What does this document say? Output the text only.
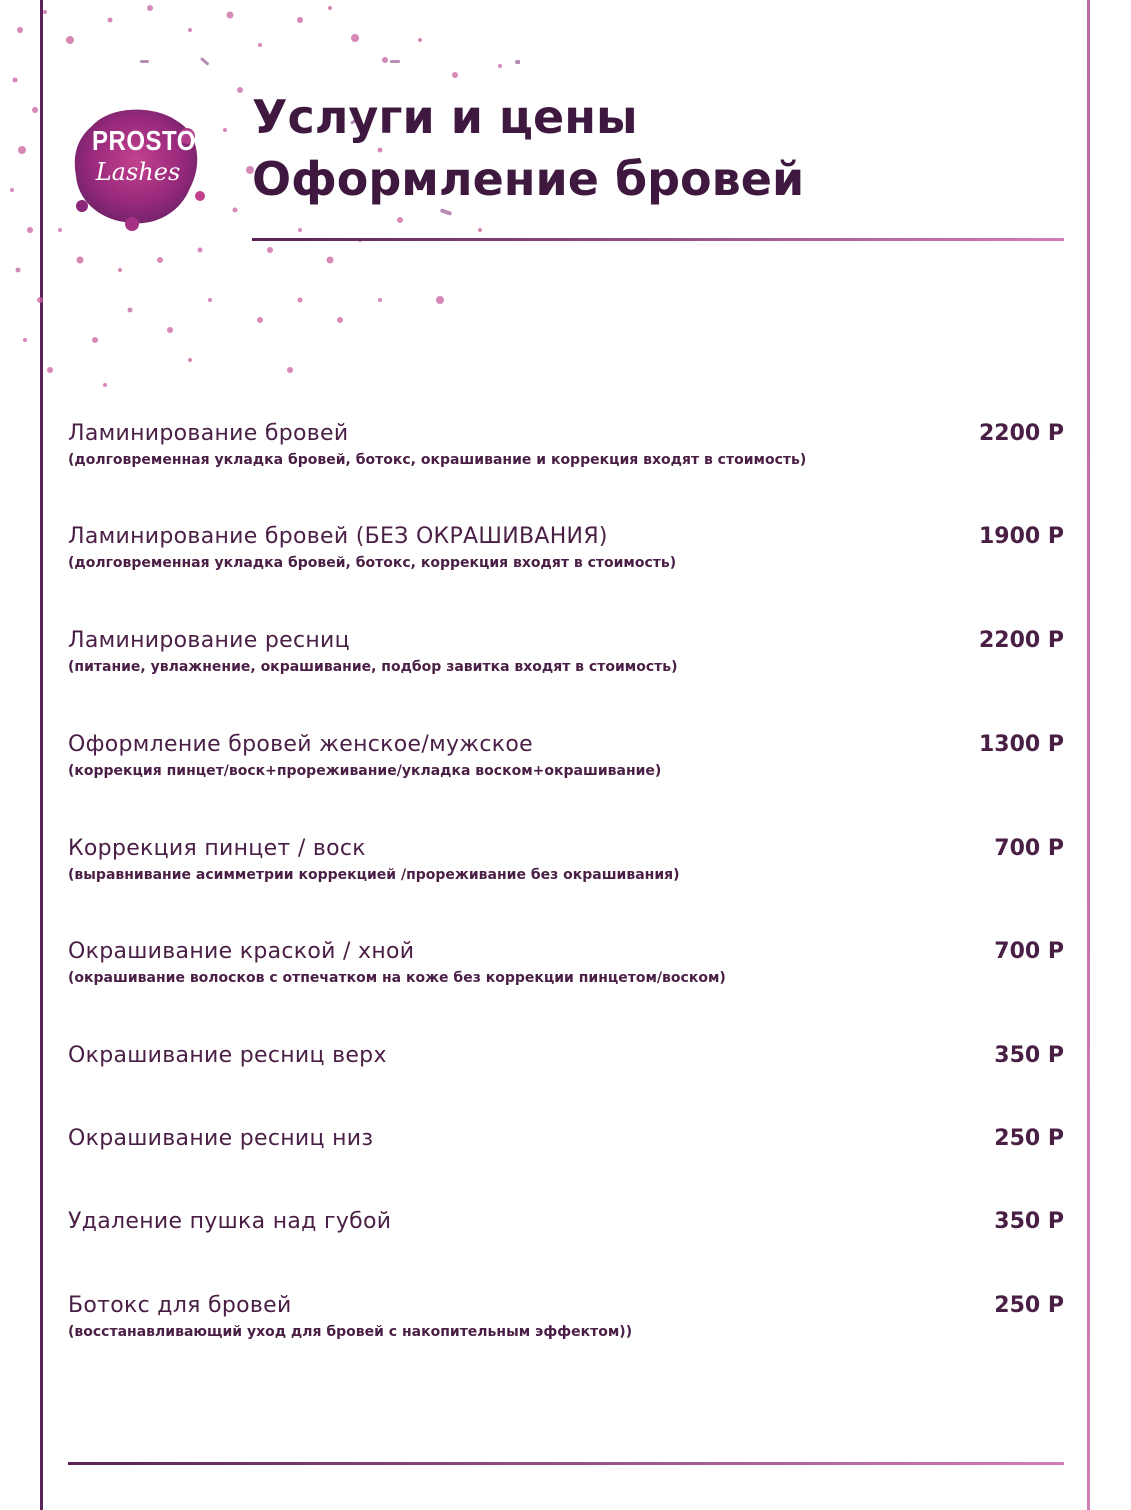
PROSTO
Lashes
Услуги и цены
Оформление бровей
Ламинирование бровей
(долговременная укладка бровей, ботокс, окрашивание и коррекция входят в стоимость)
2200 Р
Ламинирование бровей (БЕЗ ОКРАШИВАНИЯ)
(долговременная укладка бровей, ботокс, коррекция входят в стоимость)
1900 Р
Ламинирование ресниц
(питание, увлажнение, окрашивание, подбор завитка входят в стоимость)
2200 Р
Оформление бровей женское/мужское
(коррекция пинцет/воск+прореживание/укладка воском+окрашивание)
1300 Р
Коррекция пинцет / воск
(выравнивание асимметрии коррекцией /прореживание без окрашивания)
700 Р
Окрашивание краской / хной
(окрашивание волосков с отпечатком на коже без коррекции пинцетом/воском)
700 Р
Окрашивание ресниц верх	350 Р
Окрашивание ресниц низ	250 Р
Удаление пушка над губой	350 Р
Ботокс для бровей
(восстанавливающий уход для бровей с накопительным эффектом))
250 Р
